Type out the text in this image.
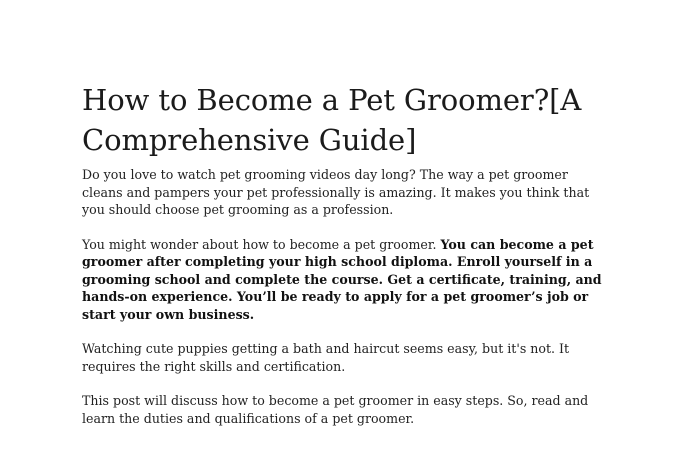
How to Become a Pet Groomer?[A Comprehensive Guide]

Do you love to watch pet grooming videos day long? The way a pet groomer cleans and pampers your pet professionally is amazing. It makes you think that you should choose pet grooming as a profession.

You might wonder about how to become a pet groomer. You can become a pet groomer after completing your high school diploma. Enroll yourself in a grooming school and complete the course. Get a certificate, training, and hands-on experience. You’ll be ready to apply for a pet groomer’s job or start your own business.

Watching cute puppies getting a bath and haircut seems easy, but it's not. It requires the right skills and certification.

This post will discuss how to become a pet groomer in easy steps. So, read and learn the duties and qualifications of a pet groomer.
